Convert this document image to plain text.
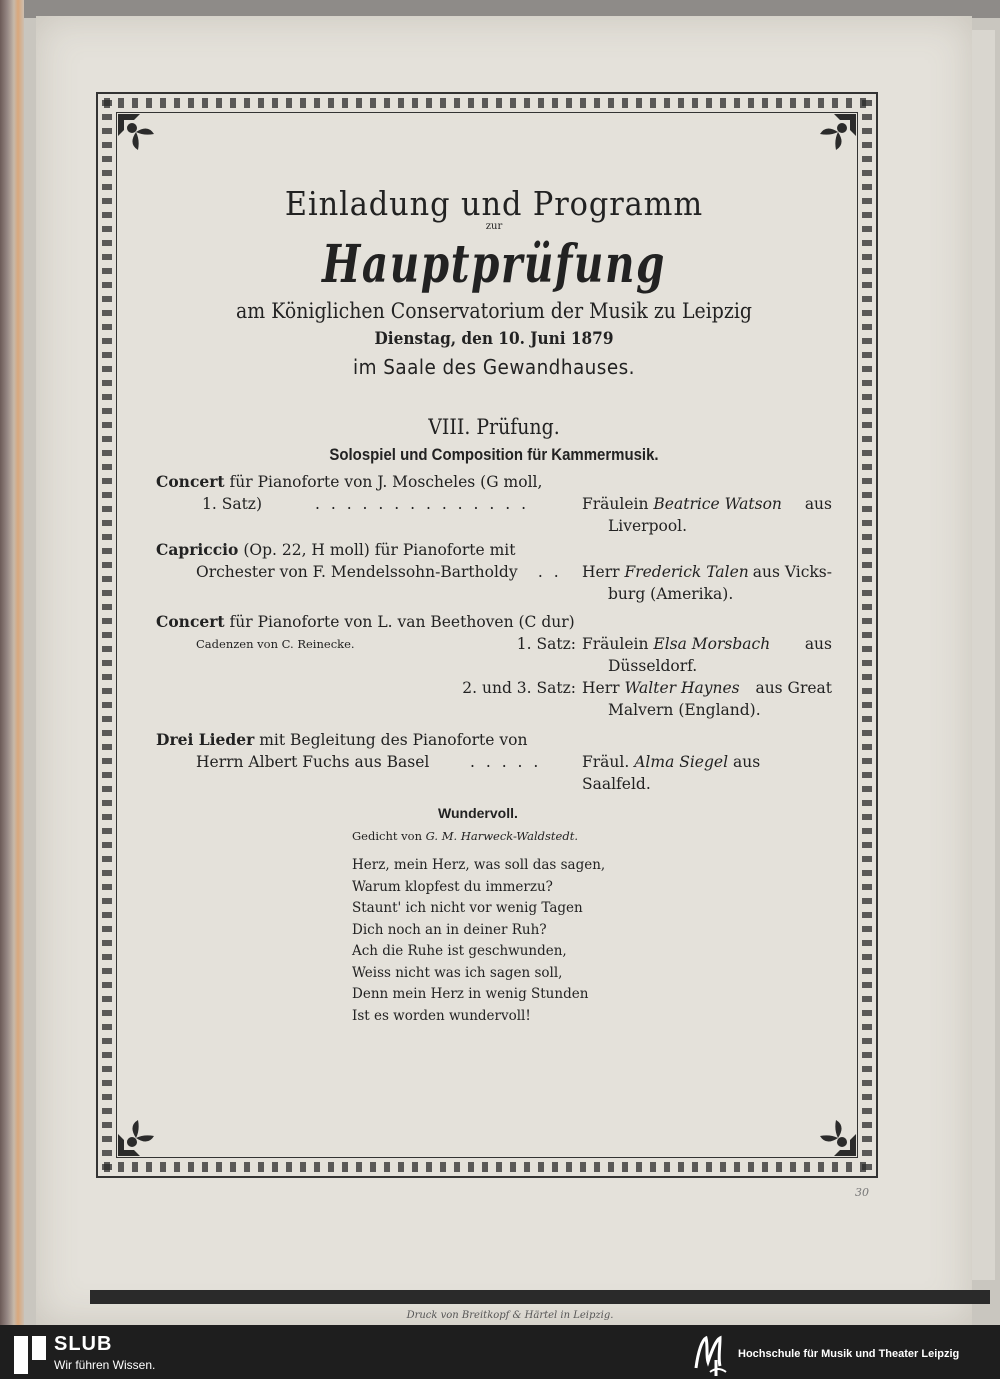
Einladung und Programm
zur
Hauptprüfung
am Königlichen Conservatorium der Musik zu Leipzig
Dienstag, den 10. Juni 1879
im Saale des Gewandhauses.
VIII. Prüfung.
Solospiel und Composition für Kammermusik.
Concert für Pianoforte von J. Moscheles (G moll,
1. Satz)	. . . . . . . . . . . . . .	Fräulein Beatrice Watson aus
Liverpool.
Capriccio (Op. 22, H moll) für Pianoforte mit
Orchester von F. Mendelssohn-Bartholdy	. .	Herr Frederick Talen aus Vicks-
burg (Amerika).
Concert für Pianoforte von L. van Beethoven (C dur)
Cadenzen von C. Reinecke.	1. Satz: Fräulein Elsa Morsbach aus
Düsseldorf.
2. und 3. Satz: Herr Walter Haynes aus Great
Malvern (England).
Drei Lieder mit Begleitung des Pianoforte von
Herrn Albert Fuchs aus Basel	. . . . .	Fräul. Alma Siegel aus Saalfeld.
Wundervoll.
Gedicht von G. M. Harweck-Waldstedt.
Herz, mein Herz, was soll das sagen,
Warum klopfest du immerzu?
Staunt' ich nicht vor wenig Tagen
Dich noch an in deiner Ruh?
Ach die Ruhe ist geschwunden,
Weiss nicht was ich sagen soll,
Denn mein Herz in wenig Stunden
Ist es worden wundervoll!
30
Druck von Breitkopf & Härtel in Leipzig.
SLUB
Wir führen Wissen.
Hochschule für Musik und Theater Leipzig
